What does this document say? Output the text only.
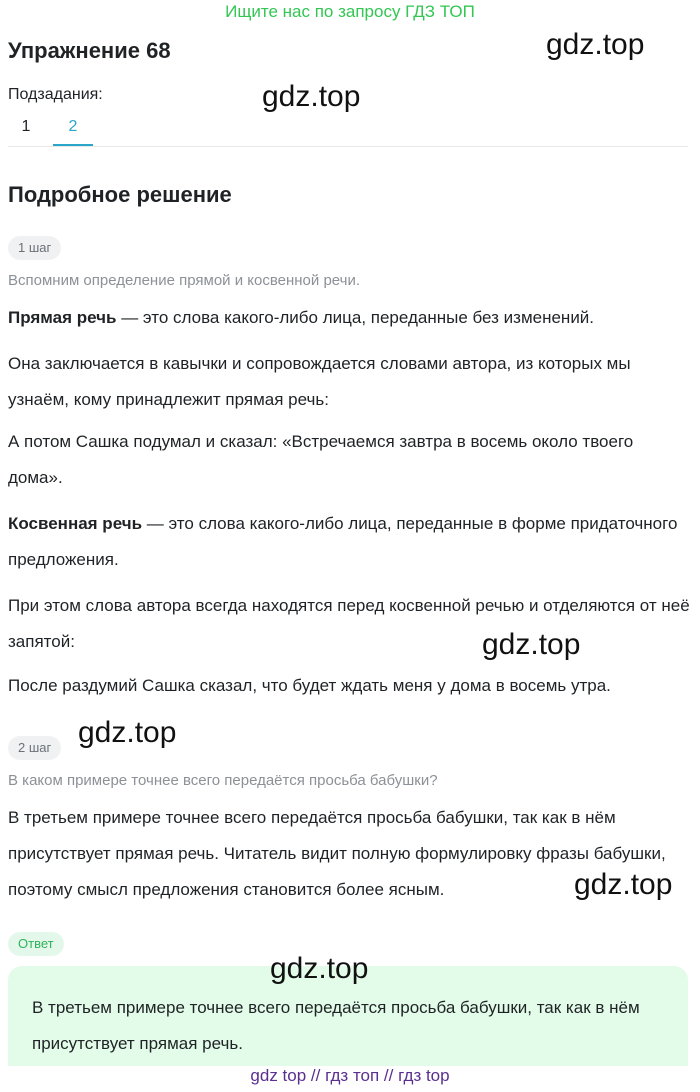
Ищите нас по запросу ГДЗ ТОП
Упражнение 68
Подзадания:
1	2
Подробное решение
1 шаг
Вспомним определение прямой и косвенной речи.
Прямая речь — это слова какого-либо лица, переданные без изменений.
Она заключается в кавычки и сопровождается словами автора, из которых мы узнаём, кому принадлежит прямая речь:
А потом Сашка подумал и сказал: «Встречаемся завтра в восемь около твоего дома».
Косвенная речь — это слова какого-либо лица, переданные в форме придаточного предложения.
При этом слова автора всегда находятся перед косвенной речью и отделяются от неё запятой:
После раздумий Сашка сказал, что будет ждать меня у дома в восемь утра.
2 шаг
В каком примере точнее всего передаётся просьба бабушки?
В третьем примере точнее всего передаётся просьба бабушки, так как в нём присутствует прямая речь. Читатель видит полную формулировку фразы бабушки, поэтому смысл предложения становится более ясным.
Ответ
В третьем примере точнее всего передаётся просьба бабушки, так как в нём присутствует прямая речь.
gdz.top
gdz.top
gdz.top
gdz.top
gdz.top
gdz.top
gdz top // гдз топ // гдз top
